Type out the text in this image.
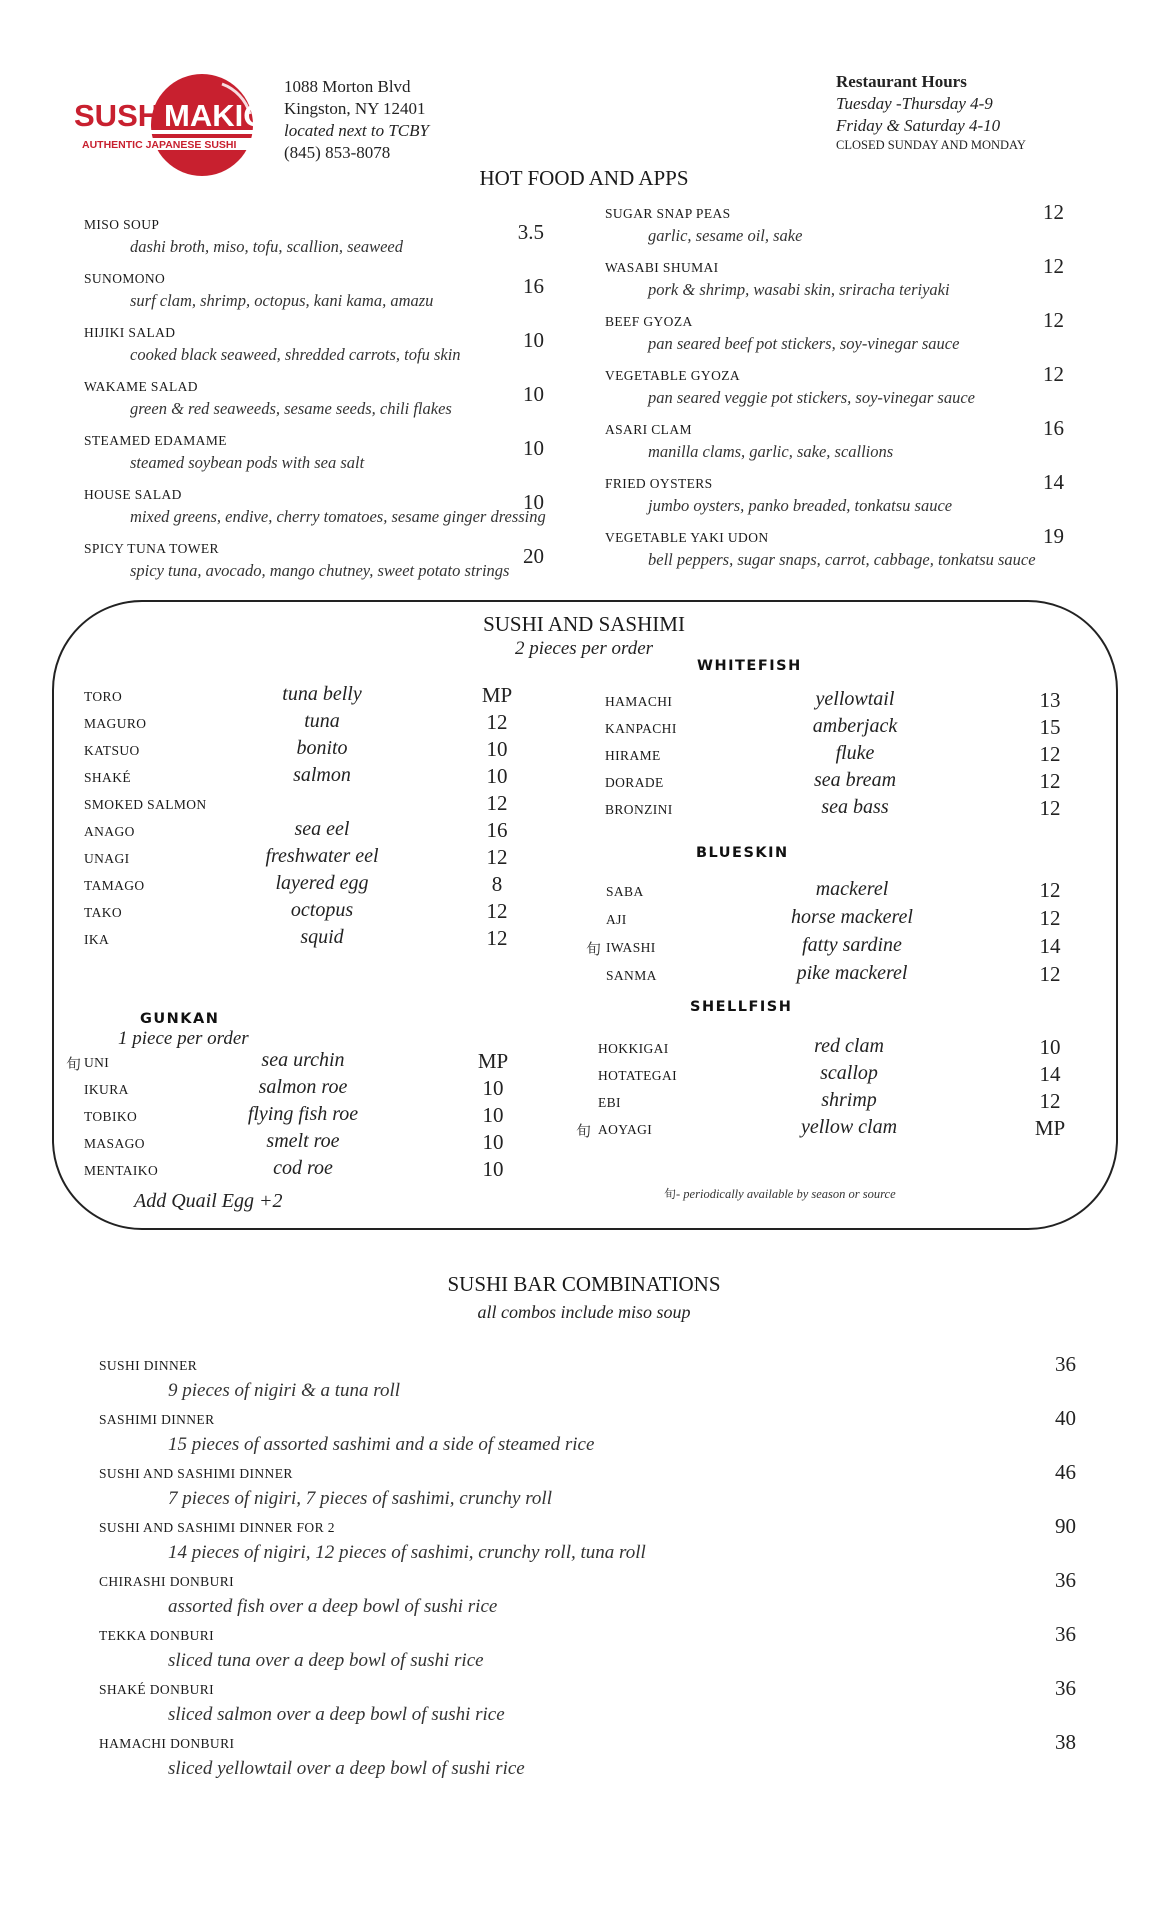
SUSHI
MAKIO
AUTHENTIC JAPANESE SUSHI
1088 Morton Blvd
Kingston, NY 12401
located next to TCBY
(845) 853-8078
Restaurant Hours
Tuesday -Thursday 4-9
Friday & Saturday 4-10
CLOSED SUNDAY AND MONDAY
HOT FOOD AND APPS
MISO SOUP
dashi broth, miso, tofu, scallion, seaweed
3.5
SUNOMONO
surf clam, shrimp, octopus, kani kama, amazu
16
HIJIKI SALAD
cooked black seaweed, shredded carrots, tofu skin
10
WAKAME SALAD
green & red seaweeds, sesame seeds, chili flakes
10
STEAMED EDAMAME
steamed soybean pods with sea salt
10
HOUSE SALAD
mixed greens, endive, cherry tomatoes, sesame ginger dressing
10
SPICY TUNA TOWER
spicy tuna, avocado, mango chutney, sweet potato strings
20
SUGAR SNAP PEAS
garlic, sesame oil, sake
12
WASABI SHUMAI
pork & shrimp, wasabi skin, sriracha teriyaki
12
BEEF GYOZA
pan seared beef pot stickers, soy-vinegar sauce
12
VEGETABLE GYOZA
pan seared veggie pot stickers, soy-vinegar sauce
12
ASARI CLAM
manilla clams, garlic, sake, scallions
16
FRIED OYSTERS
jumbo oysters, panko breaded, tonkatsu sauce
14
VEGETABLE YAKI UDON
bell peppers, sugar snaps, carrot, cabbage, tonkatsu sauce
19
SUSHI AND SASHIMI
2 pieces per order
TORO	tuna belly	MP
MAGURO	tuna	12
KATSUO	bonito	10
SHAKÉ	salmon	10
SMOKED SALMON	12
ANAGO	sea eel	16
UNAGI	freshwater eel	12
TAMAGO	layered egg	8
TAKO	octopus	12
IKA	squid	12
WHITEFISH
HAMACHI	yellowtail	13
KANPACHI	amberjack	15
HIRAME	fluke	12
DORADE	sea bream	12
BRONZINI	sea bass	12
BLUESKIN
SABA	mackerel	12
AJI	horse mackerel	12
旬 IWASHI	fatty sardine	14
SANMA	pike mackerel	12
SHELLFISH
HOKKIGAI	red clam	10
HOTATEGAI	scallop	14
EBI	shrimp	12
旬 AOYAGI	yellow clam	MP
GUNKAN
1 piece per order
旬 UNI	sea urchin	MP
IKURA	salmon roe	10
TOBIKO	flying fish roe	10
MASAGO	smelt roe	10
MENTAIKO	cod roe	10
Add Quail Egg +2	旬- periodically available by season or source
SUSHI BAR COMBINATIONS
all combos include miso soup
SUSHI DINNER
9 pieces of nigiri & a tuna roll
36
SASHIMI DINNER
15 pieces of assorted sashimi and a side of steamed rice
40
SUSHI AND SASHIMI DINNER
7 pieces of nigiri, 7 pieces of sashimi, crunchy roll
46
SUSHI AND SASHIMI DINNER FOR 2
14 pieces of nigiri, 12 pieces of sashimi, crunchy roll, tuna roll
90
CHIRASHI DONBURI
assorted fish over a deep bowl of sushi rice
36
TEKKA DONBURI
sliced tuna over a deep bowl of sushi rice
36
SHAKÉ DONBURI
sliced salmon over a deep bowl of sushi rice
36
HAMACHI DONBURI
sliced yellowtail over a deep bowl of sushi rice
38
